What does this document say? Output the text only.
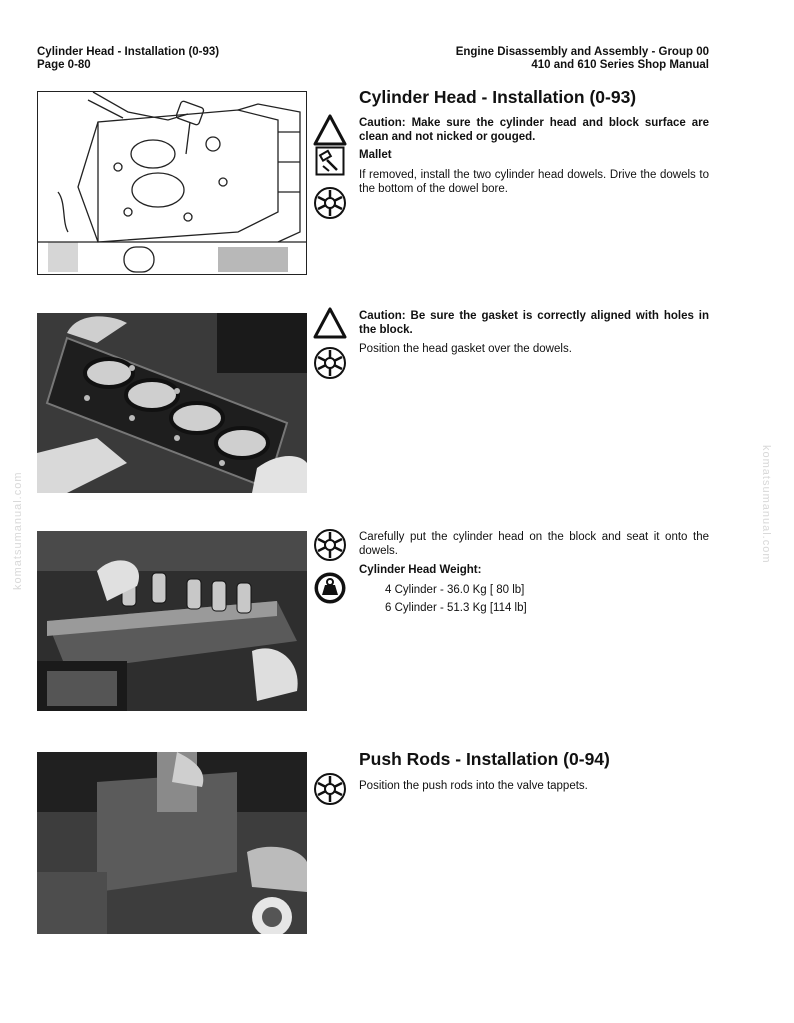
Cylinder Head - Installation (0-93)
Page 0-80
Engine Disassembly and Assembly - Group 00
410 and 610 Series Shop Manual
Cylinder Head - Installation (0-93)
Caution: Make sure the cylinder head and block surface are clean and not nicked or gouged.
Mallet
If removed, install the two cylinder head dowels. Drive the dowels to the bottom of the dowel bore.
Caution: Be sure the gasket is correctly aligned with holes in the block.
Position the head gasket over the dowels.
Carefully put the cylinder head on the block and seat it onto the dowels.
Cylinder Head Weight:
4 Cylinder - 36.0 Kg [ 80 lb]
6 Cylinder - 51.3 Kg [114 lb]
Push Rods - Installation (0-94)
Position the push rods into the valve tappets.
komatsumanual.com	komatsumanual.com
